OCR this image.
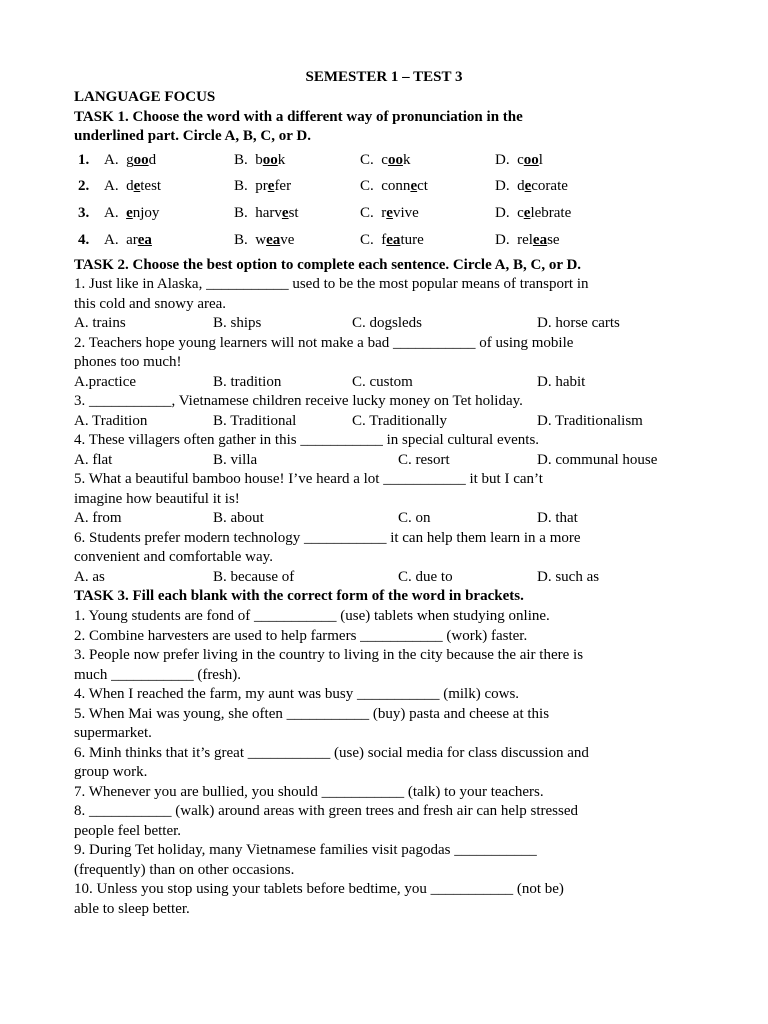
SEMESTER 1 – TEST 3
LANGUAGE FOCUS
TASK 1. Choose the word with a different way of pronunciation in the
underlined part. Circle A, B, C, or D.
1. A. good	B. book	C. cook	D. cool
2. A. detest	B. prefer	C. connect	D. decorate
3. A. enjoy	B. harvest	C. revive	D. celebrate
4. A. area	B. weave	C. feature	D. release
TASK 2. Choose the best option to complete each sentence. Circle A, B, C, or D.
1. Just like in Alaska, ___________ used to be the most popular means of transport in
this cold and snowy area.
A. trains	B. ships	C. dogsleds	D. horse carts
2. Teachers hope young learners will not make a bad ___________ of using mobile
phones too much!
A.practice	B. tradition	C. custom	D. habit
3. ___________, Vietnamese children receive lucky money on Tet holiday.
A. Tradition	B. Traditional	C. Traditionally	D. Traditionalism
4. These villagers often gather in this ___________ in special cultural events.
A. flat	B. villa	C. resort	D. communal house
5. What a beautiful bamboo house! I’ve heard a lot ___________ it but I can’t
imagine how beautiful it is!
A. from	B. about	C. on	D. that
6. Students prefer modern technology ___________ it can help them learn in a more
convenient and comfortable way.
A. as	B. because of	C. due to	D. such as
TASK 3. Fill each blank with the correct form of the word in brackets.
1. Young students are fond of ___________ (use) tablets when studying online.
2. Combine harvesters are used to help farmers ___________ (work) faster.
3. People now prefer living in the country to living in the city because the air there is
much ___________ (fresh).
4. When I reached the farm, my aunt was busy ___________ (milk) cows.
5. When Mai was young, she often ___________ (buy) pasta and cheese at this
supermarket.
6. Minh thinks that it’s great ___________ (use) social media for class discussion and
group work.
7. Whenever you are bullied, you should ___________ (talk) to your teachers.
8. ___________ (walk) around areas with green trees and fresh air can help stressed
people feel better.
9. During Tet holiday, many Vietnamese families visit pagodas ___________
(frequently) than on other occasions.
10. Unless you stop using your tablets before bedtime, you ___________ (not be)
able to sleep better.
